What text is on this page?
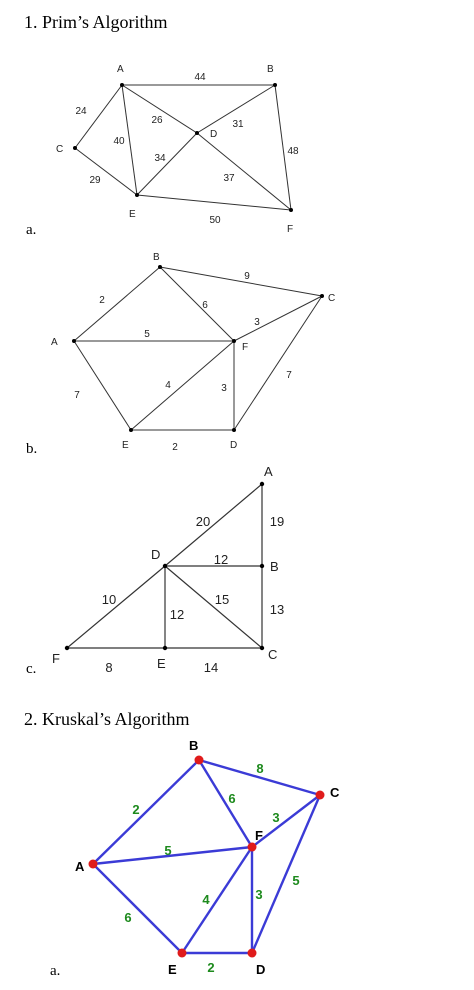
1. Prim’s Algorithm
2. Kruskal’s Algorithm
a.
b.
c.
a.
44
24
40
26	31
48
29
34
37
50
A	B
C
D
E
F
2
9
6
5
3
7
4	3
7
2
A
B
C
D
E
F
20	19
12
10
12
15
13
8	14
A
B
C
D
E
F
2
8
6
5
3
6
4	3
5
2
A
B
C
D
E
F
